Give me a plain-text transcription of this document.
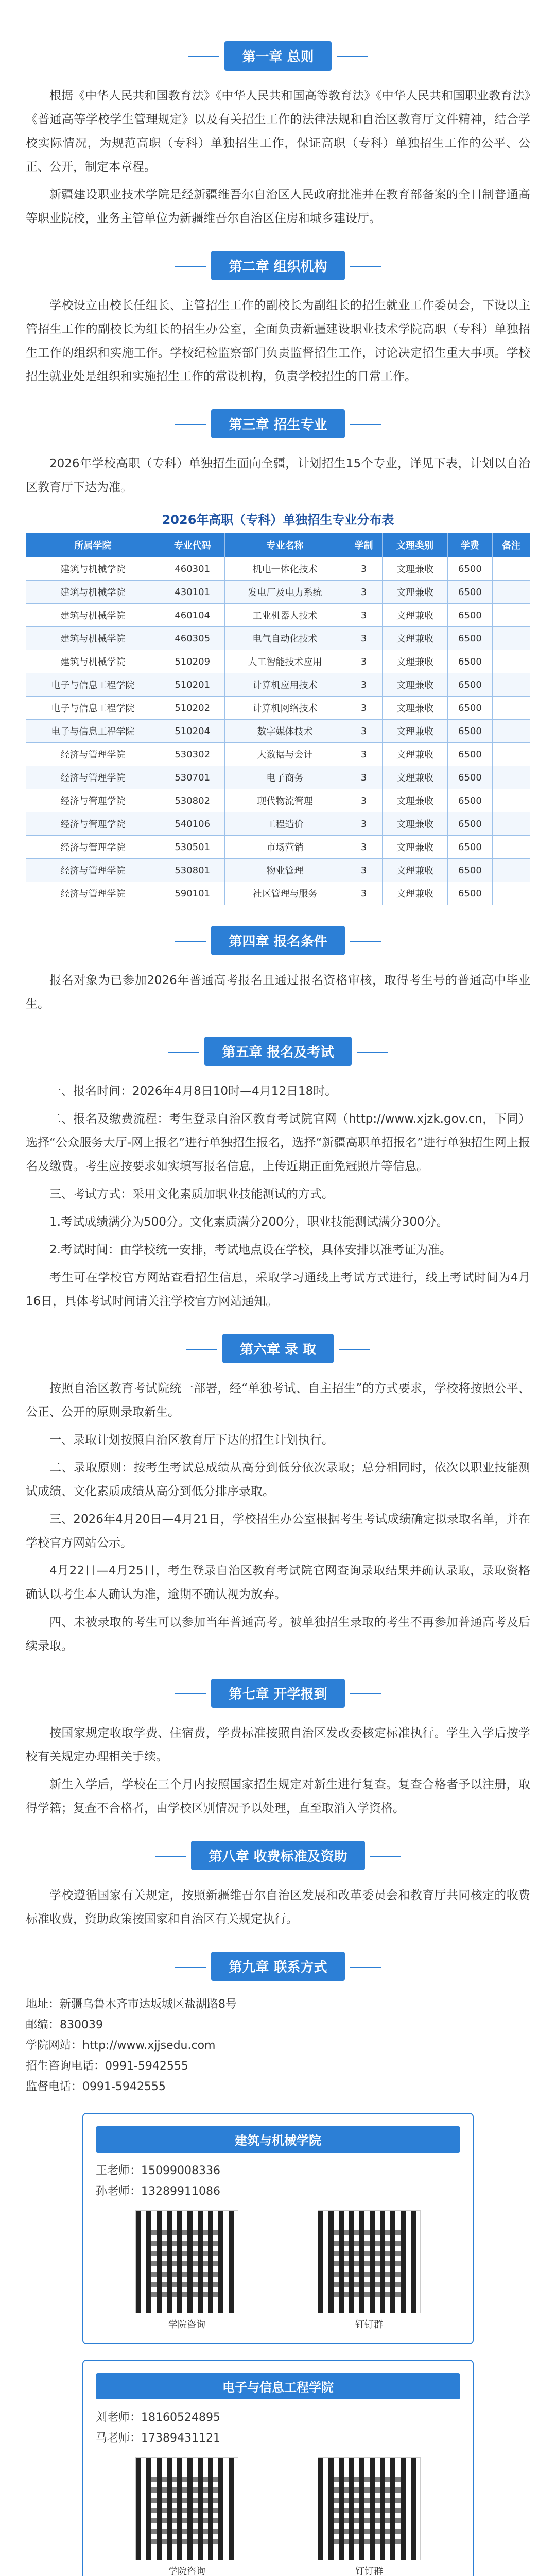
第一章 总则

根据《中华人民共和国教育法》《中华人民共和国高等教育法》《中华人民共和国职业教育法》《普通高等学校学生管理规定》以及有关招生工作的法律法规和自治区教育厅文件精神，结合学校实际情况，为规范高职（专科）单独招生工作，保证高职（专科）单独招生工作的公平、公正、公开，制定本章程。

新疆建设职业技术学院是经新疆维吾尔自治区人民政府批准并在教育部备案的全日制普通高等职业院校，业务主管单位为新疆维吾尔自治区住房和城乡建设厅。

第二章 组织机构

学校设立由校长任组长、主管招生工作的副校长为副组长的招生就业工作委员会，下设以主管招生工作的副校长为组长的招生办公室，全面负责新疆建设职业技术学院高职（专科）单独招生工作的组织和实施工作。学校纪检监察部门负责监督招生工作，讨论决定招生重大事项。学校招生就业处是组织和实施招生工作的常设机构，负责学校招生的日常工作。

第三章 招生专业

2026年学校高职（专科）单独招生面向全疆，计划招生15个专业，详见下表，计划以自治区教育厅下达为准。

2026年高职（专科）单独招生专业分布表
所属学院	专业代码	专业名称	学制	文理类别	学费	备注
建筑与机械学院	460301	机电一体化技术	3	文理兼收	6500	
建筑与机械学院	430101	发电厂及电力系统	3	文理兼收	6500	
建筑与机械学院	460104	工业机器人技术	3	文理兼收	6500	
建筑与机械学院	460305	电气自动化技术	3	文理兼收	6500	
建筑与机械学院	510209	人工智能技术应用	3	文理兼收	6500	
电子与信息工程学院	510201	计算机应用技术	3	文理兼收	6500	
电子与信息工程学院	510202	计算机网络技术	3	文理兼收	6500	
电子与信息工程学院	510204	数字媒体技术	3	文理兼收	6500	
经济与管理学院	530302	大数据与会计	3	文理兼收	6500	
经济与管理学院	530701	电子商务	3	文理兼收	6500	
经济与管理学院	530802	现代物流管理	3	文理兼收	6500	
经济与管理学院	540106	工程造价	3	文理兼收	6500	
经济与管理学院	530501	市场营销	3	文理兼收	6500	
经济与管理学院	530801	物业管理	3	文理兼收	6500	
经济与管理学院	590101	社区管理与服务	3	文理兼收	6500	
第四章 报名条件

报名对象为已参加2026年普通高考报名且通过报名资格审核，取得考生号的普通高中毕业生。

第五章 报名及考试

一、报名时间：2026年4月8日10时—4月12日18时。

二、报名及缴费流程：考生登录自治区教育考试院官网（http://www.xjzk.gov.cn，下同）选择“公众服务大厅-网上报名”进行单独招生报名，选择“新疆高职单招报名”进行单独招生网上报名及缴费。考生应按要求如实填写报名信息，上传近期正面免冠照片等信息。

三、考试方式：采用文化素质加职业技能测试的方式。

1.考试成绩满分为500分。文化素质满分200分，职业技能测试满分300分。

2.考试时间：由学校统一安排，考试地点设在学校，具体安排以准考证为准。

考生可在学校官方网站查看招生信息，采取学习通线上考试方式进行，线上考试时间为4月16日，具体考试时间请关注学校官方网站通知。

第六章 录 取

按照自治区教育考试院统一部署，经“单独考试、自主招生”的方式要求，学校将按照公平、公正、公开的原则录取新生。

一、录取计划按照自治区教育厅下达的招生计划执行。

二、录取原则：按考生考试总成绩从高分到低分依次录取；总分相同时，依次以职业技能测试成绩、文化素质成绩从高分到低分排序录取。

三、2026年4月20日—4月21日，学校招生办公室根据考生考试成绩确定拟录取名单，并在学校官方网站公示。

4月22日—4月25日，考生登录自治区教育考试院官网查询录取结果并确认录取，录取资格确认以考生本人确认为准，逾期不确认视为放弃。

四、未被录取的考生可以参加当年普通高考。被单独招生录取的考生不再参加普通高考及后续录取。

第七章 开学报到

按国家规定收取学费、住宿费，学费标准按照自治区发改委核定标准执行。学生入学后按学校有关规定办理相关手续。

新生入学后，学校在三个月内按照国家招生规定对新生进行复查。复查合格者予以注册，取得学籍；复查不合格者，由学校区别情况予以处理，直至取消入学资格。

第八章 收费标准及资助

学校遵循国家有关规定，按照新疆维吾尔自治区发展和改革委员会和教育厅共同核定的收费标准收费，资助政策按国家和自治区有关规定执行。

第九章 联系方式

地址：新疆乌鲁木齐市达坂城区盐湖路8号

邮编：830039

学院网站：http://www.xjjsedu.com

招生咨询电话：0991-5942555

监督电话：0991-5942555

建筑与机械学院

王老师：15099008336

孙老师：13289911086

学院咨询	钉钉群
电子与信息工程学院

刘老师：18160524895

马老师：17389431121

学院咨询	钉钉群
